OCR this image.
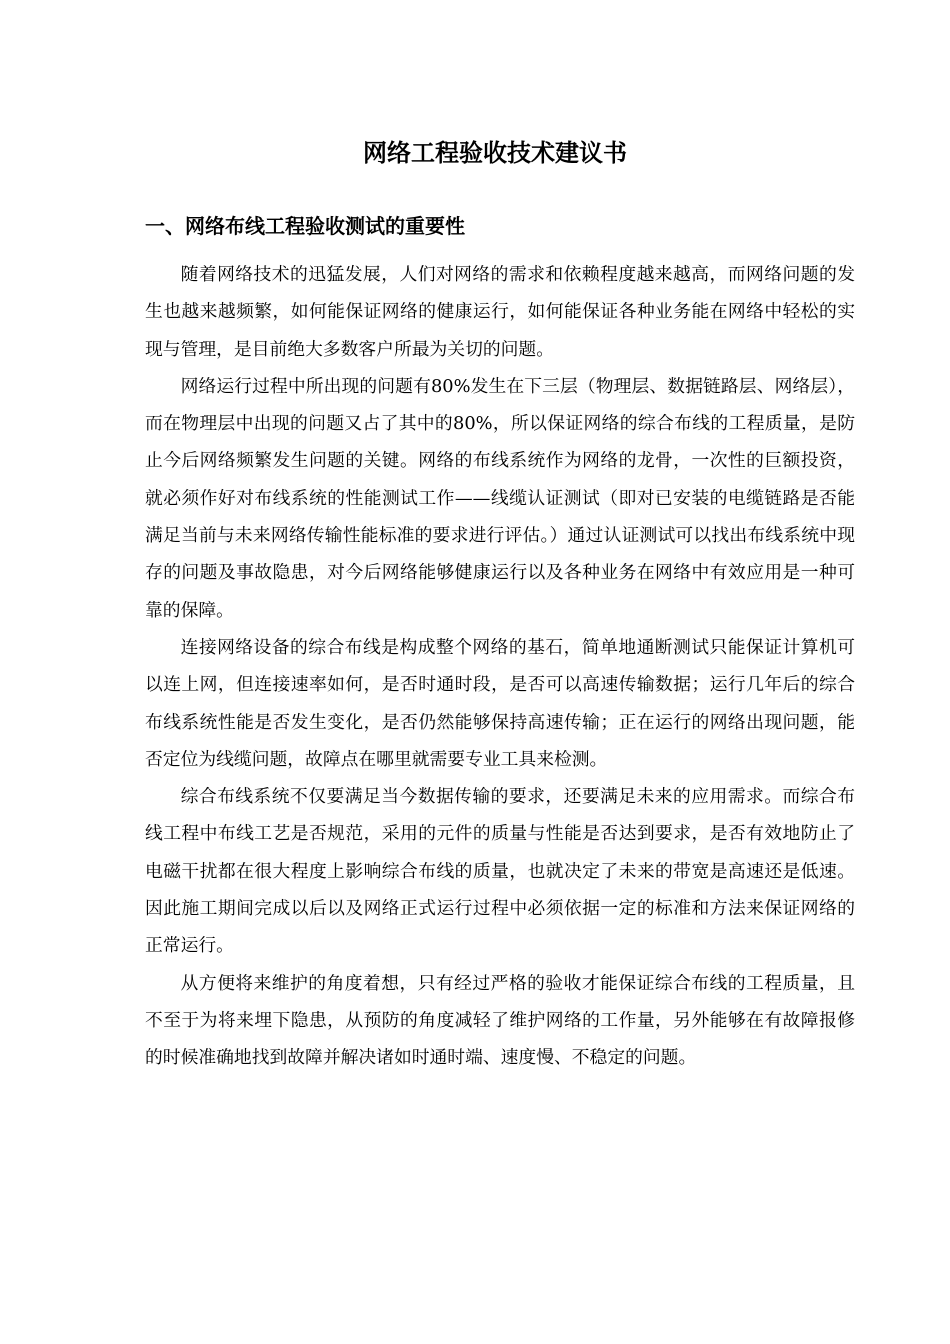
网络工程验收技术建议书
一、网络布线工程验收测试的重要性

随着网络技术的迅猛发展，人们对网络的需求和依赖程度越来越高，而网络问题的发生也越来越频繁，如何能保证网络的健康运行，如何能保证各种业务能在网络中轻松的实现与管理，是目前绝大多数客户所最为关切的问题。

网络运行过程中所出现的问题有80%发生在下三层（物理层、数据链路层、网络层），而在物理层中出现的问题又占了其中的80%，所以保证网络的综合布线的工程质量，是防止今后网络频繁发生问题的关键。网络的布线系统作为网络的龙骨，一次性的巨额投资，就必须作好对布线系统的性能测试工作——线缆认证测试（即对已安装的电缆链路是否能满足当前与未来网络传输性能标准的要求进行评估。）通过认证测试可以找出布线系统中现存的问题及事故隐患，对今后网络能够健康运行以及各种业务在网络中有效应用是一种可靠的保障。

连接网络设备的综合布线是构成整个网络的基石，简单地通断测试只能保证计算机可以连上网，但连接速率如何，是否时通时段，是否可以高速传输数据；运行几年后的综合布线系统性能是否发生变化，是否仍然能够保持高速传输；正在运行的网络出现问题，能否定位为线缆问题，故障点在哪里就需要专业工具来检测。

综合布线系统不仅要满足当今数据传输的要求，还要满足未来的应用需求。而综合布线工程中布线工艺是否规范，采用的元件的质量与性能是否达到要求，是否有效地防止了电磁干扰都在很大程度上影响综合布线的质量，也就决定了未来的带宽是高速还是低速。因此施工期间完成以后以及网络正式运行过程中必须依据一定的标准和方法来保证网络的正常运行。

从方便将来维护的角度着想，只有经过严格的验收才能保证综合布线的工程质量，且不至于为将来埋下隐患，从预防的角度减轻了维护网络的工作量，另外能够在有故障报修的时候准确地找到故障并解决诸如时通时端、速度慢、不稳定的问题。
